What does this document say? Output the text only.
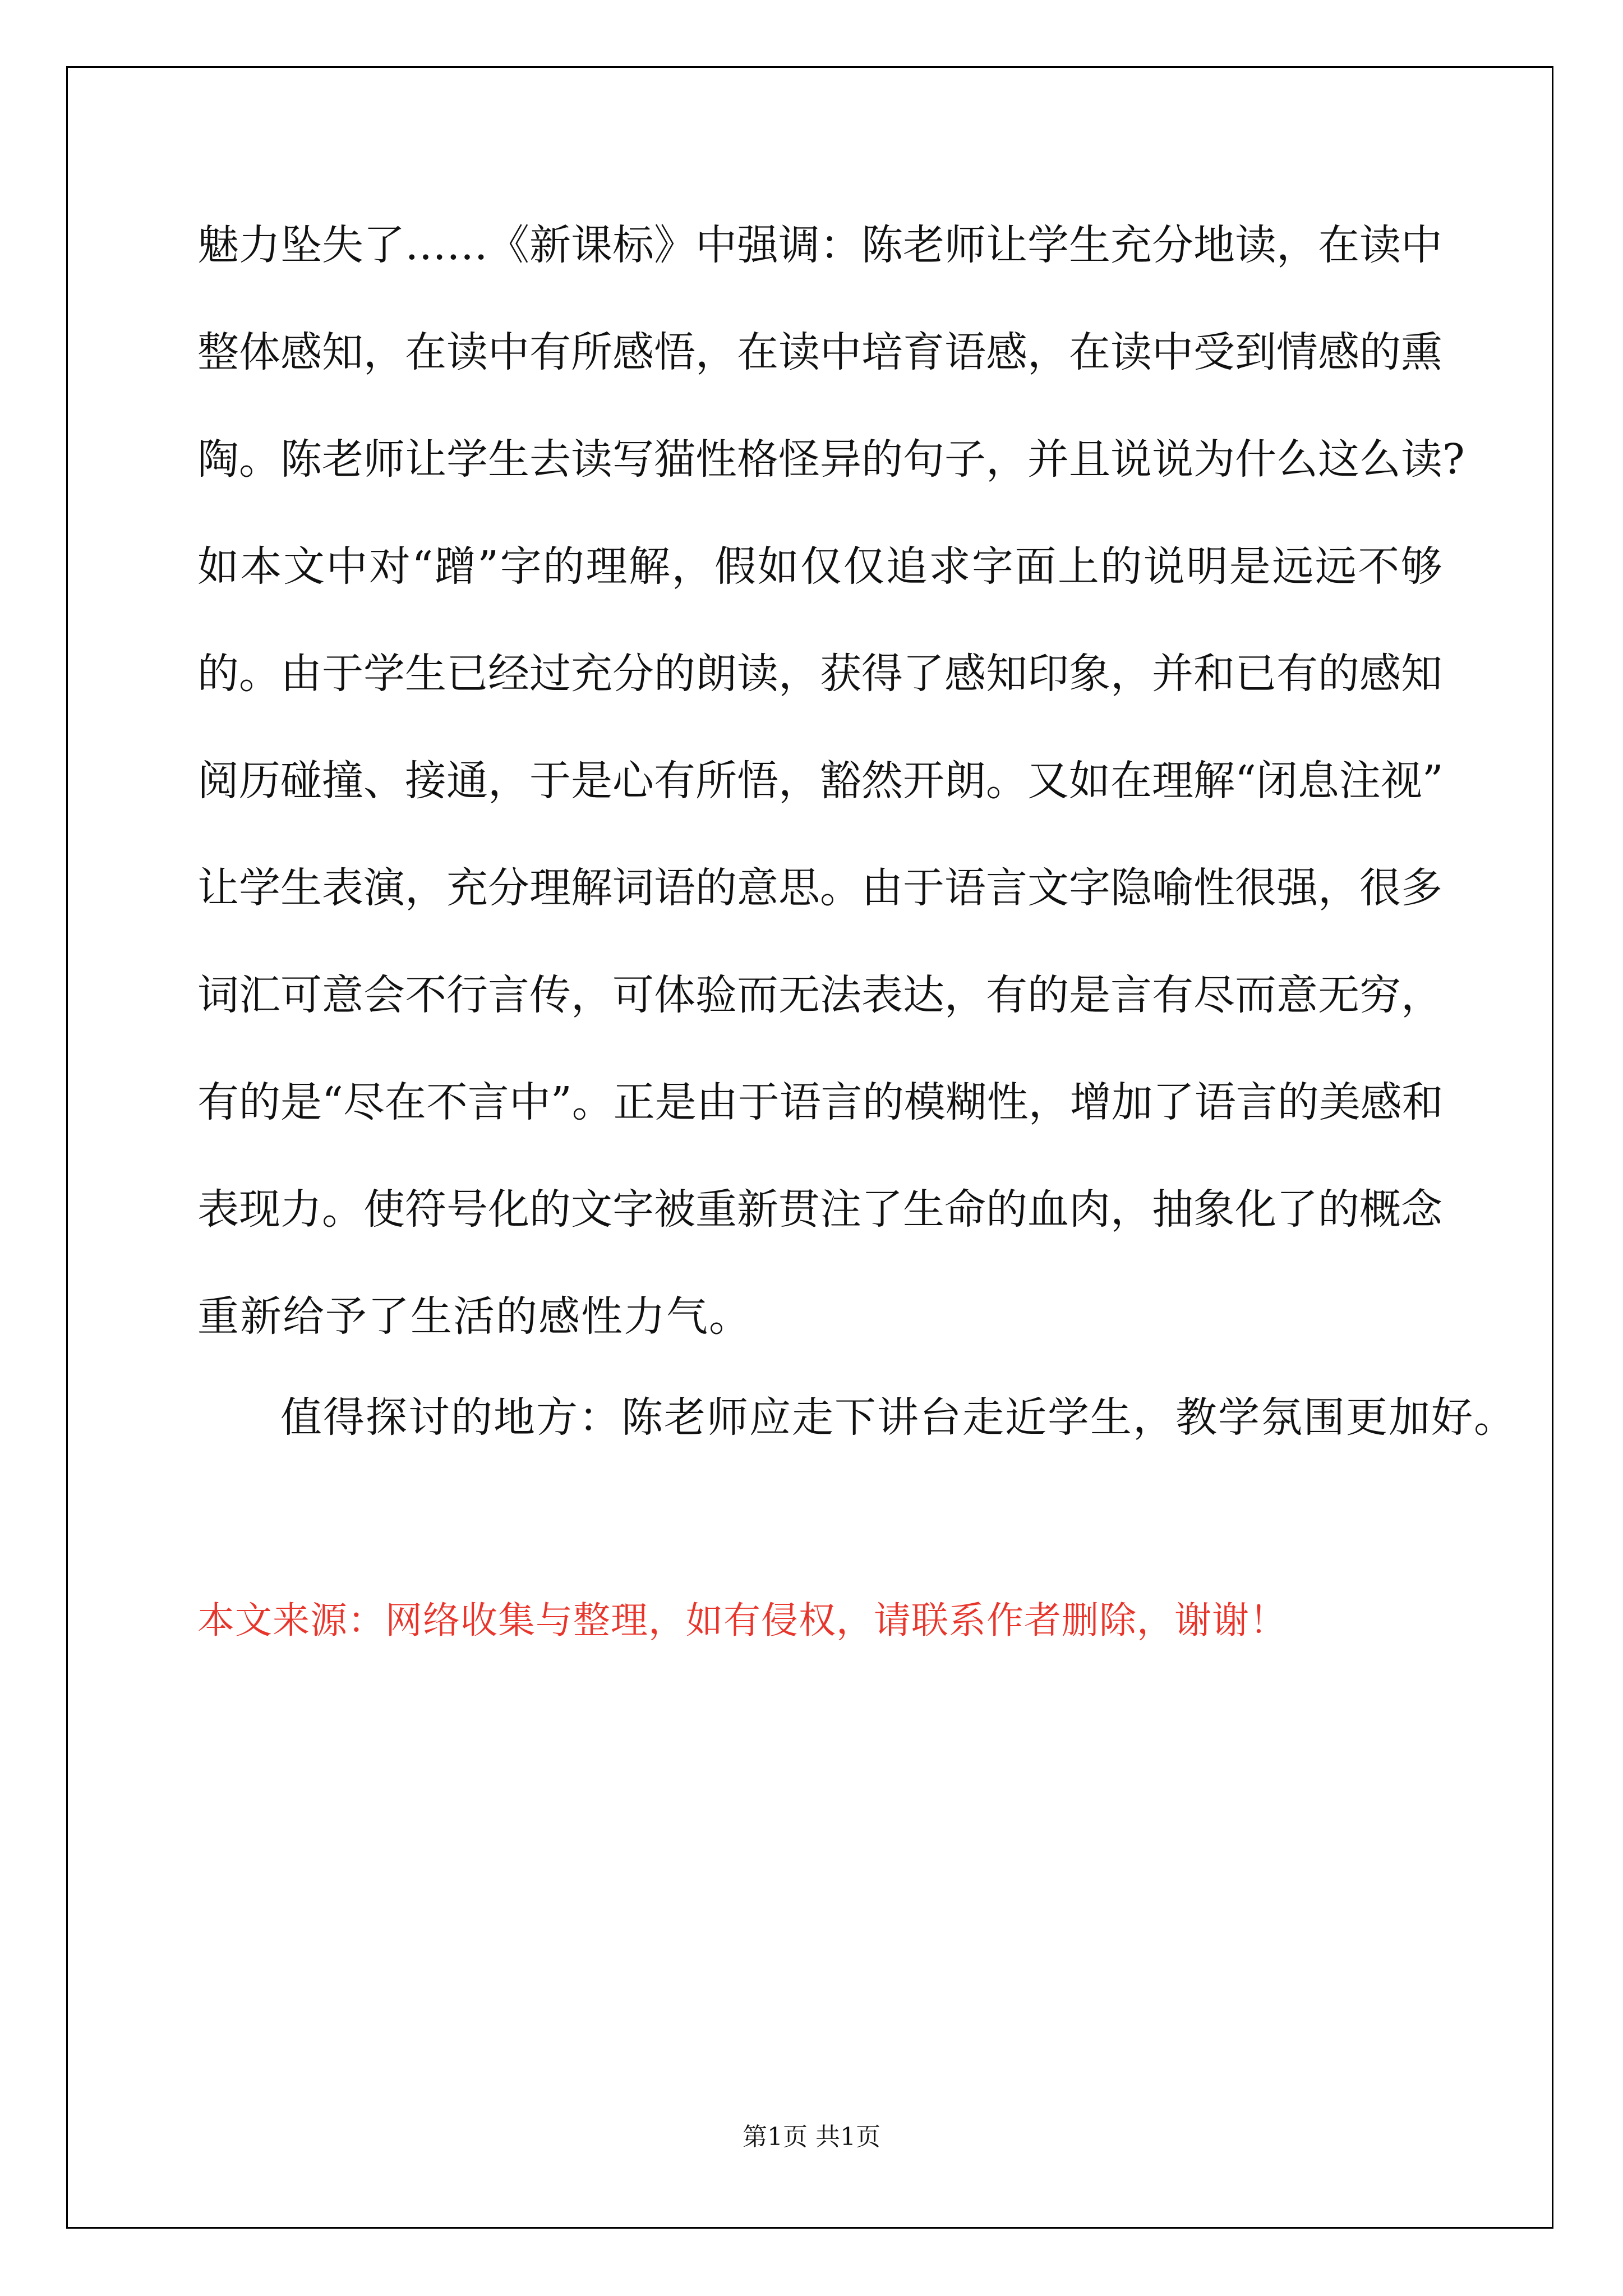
魅 力 坠 失 了 … … 《 新 课 标 》 中 强 调 ： 陈 老 师 让 学 生 充 分 地 读 ， 在 读 中
整 体 感 知 ， 在 读 中 有 所 感 悟 ， 在 读 中 培 育 语 感 ， 在 读 中 受 到 情 感 的 熏
陶 。 陈 老 师 让 学 生 去 读 写 猫 性 格 怪 异 的 句 子 ， 并 且 说 说 为 什 么 这 么 读 ?
如 本 文 中 对 “ 蹭 ” 字 的 理 解 ， 假 如 仅 仅 追 求 字 面 上 的 说 明 是 远 远 不 够
的 。 由 于 学 生 已 经 过 充 分 的 朗 读 ， 获 得 了 感 知 印 象 ， 并 和 已 有 的 感 知
阅 历 碰 撞 、 接 通 ， 于 是 心 有 所 悟 ， 豁 然 开 朗 。 又 如 在 理 解 “ 闭 息 注 视 ”
让 学 生 表 演 ， 充 分 理 解 词 语 的 意 思 。 由 于 语 言 文 字 隐 喻 性 很 强 ， 很 多
词 汇 可 意 会 不 行 言 传 ， 可 体 验 而 无 法 表 达 ， 有 的 是 言 有 尽 而 意 无 穷 ，
有 的 是 “ 尽 在 不 言 中 ” 。 正 是 由 于 语 言 的 模 糊 性 ， 增 加 了 语 言 的 美 感 和
表 现 力 。 使 符 号 化 的 文 字 被 重 新 贯 注 了 生 命 的 血 肉 ， 抽 象 化 了 的 概 念
重新给予了生活的感性力气。
值得探讨的地方：陈老师应走下讲台走近学生，教学氛围更加好。
本文来源：网络收集与整理，如有侵权，请联系作者删除，谢谢！
第1页 共1页
